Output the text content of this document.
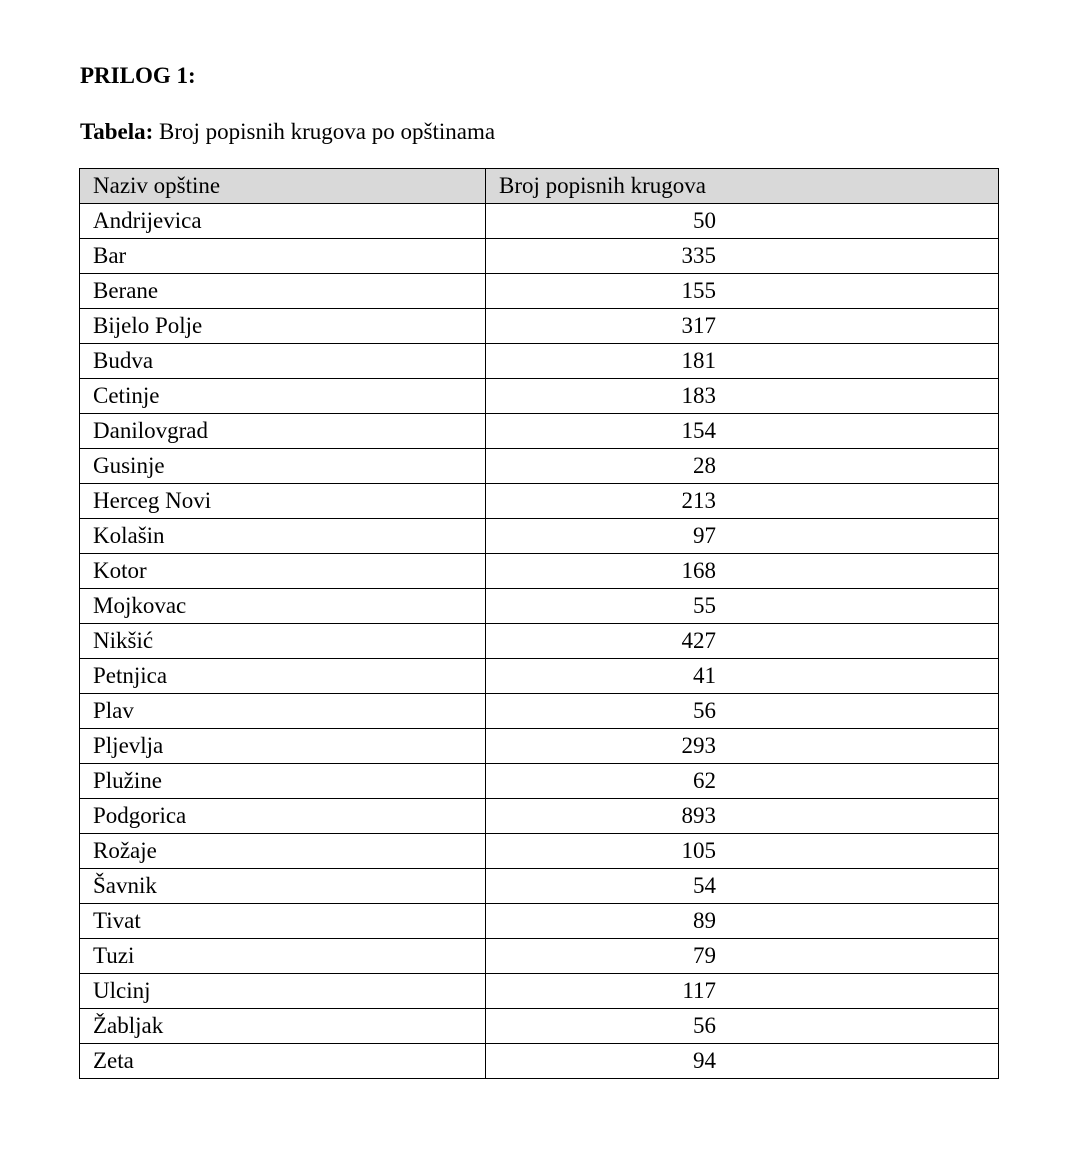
PRILOG 1:
Tabela: Broj popisnih krugova po opštinama
Naziv opštine	Broj popisnih krugova
Andrijevica	50
Bar	335
Berane	155
Bijelo Polje	317
Budva	181
Cetinje	183
Danilovgrad	154
Gusinje	28
Herceg Novi	213
Kolašin	97
Kotor	168
Mojkovac	55
Nikšić	427
Petnjica	41
Plav	56
Pljevlja	293
Plužine	62
Podgorica	893
Rožaje	105
Šavnik	54
Tivat	89
Tuzi	79
Ulcinj	117
Žabljak	56
Zeta	94
